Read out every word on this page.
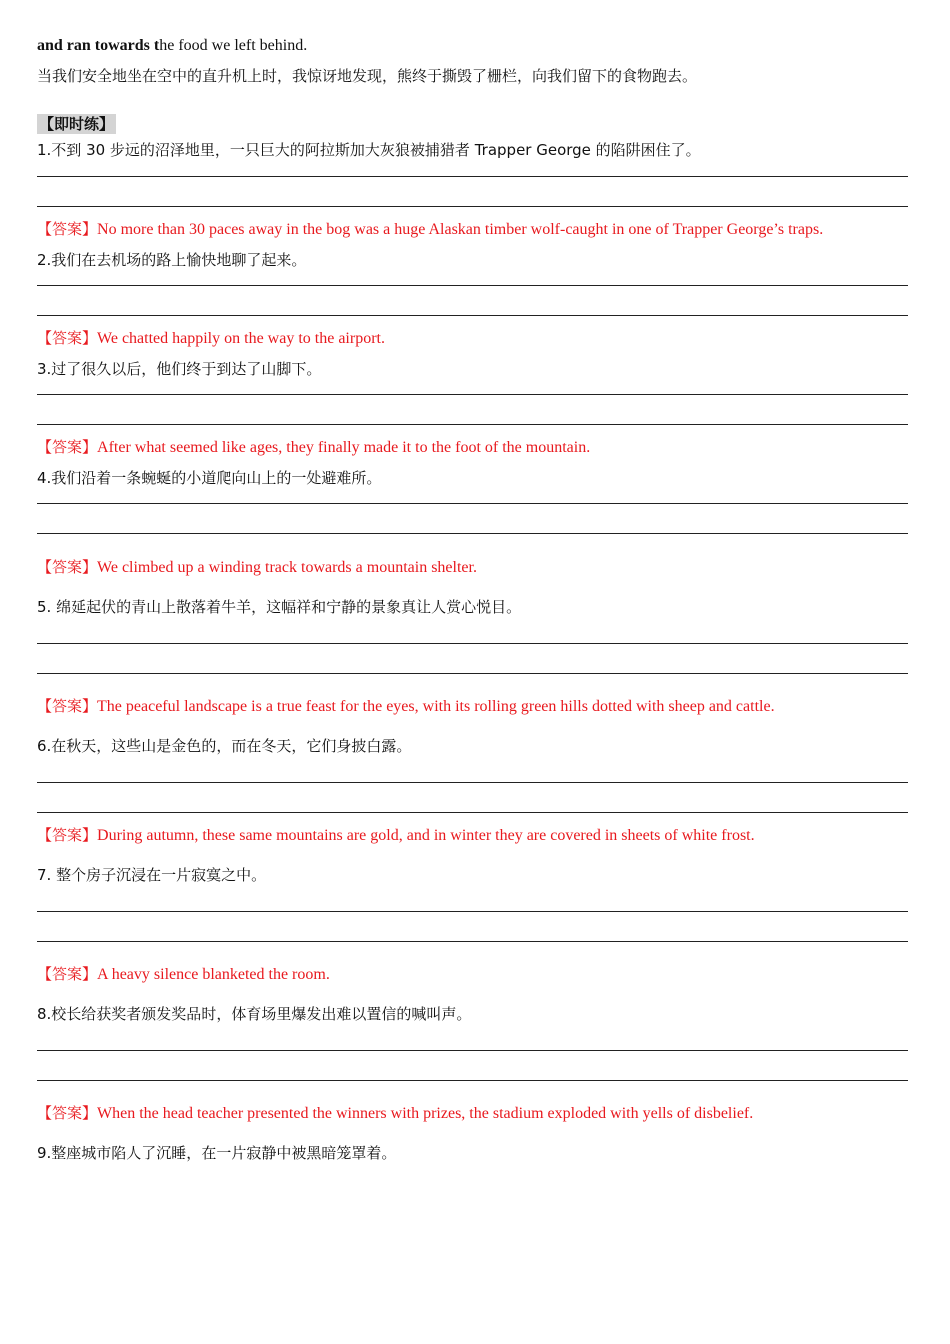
and ran towards the food we left behind.
当我们安全地坐在空中的直升机上时，我惊讶地发现，熊终于撕毁了栅栏，向我们留下的食物跑去。
【即时练】
1.不到 30 步远的沼泽地里，一只巨大的阿拉斯加大灰狼被捕猎者 Trapper George 的陷阱困住了。
【答案】No more than 30 paces away in the bog was a huge Alaskan timber wolf-caught in one of Trapper George’s traps.
2.我们在去机场的路上愉快地聊了起来。
【答案】We chatted happily on the way to the airport.
3.过了很久以后，他们终于到达了山脚下。
【答案】After what seemed like ages, they finally made it to the foot of the mountain.
4.我们沿着一条蜿蜒的小道爬向山上的一处避难所。
【答案】We climbed up a winding track towards a mountain shelter.
5. 绵延起伏的青山上散落着牛羊，这幅祥和宁静的景象真让人赏心悦目。
【答案】The peaceful landscape is a true feast for the eyes, with its rolling green hills dotted with sheep and cattle.
6.在秋天，这些山是金色的，而在冬天，它们身披白露。
【答案】During autumn, these same mountains are gold, and in winter they are covered in sheets of white frost.
7. 整个房子沉浸在一片寂寞之中。
【答案】A heavy silence blanketed the room.
8.校长给获奖者颁发奖品时，体育场里爆发出难以置信的喊叫声。
【答案】When the head teacher presented the winners with prizes, the stadium exploded with yells of disbelief.
9.整座城市陷人了沉睡，在一片寂静中被黑暗笼罩着。
